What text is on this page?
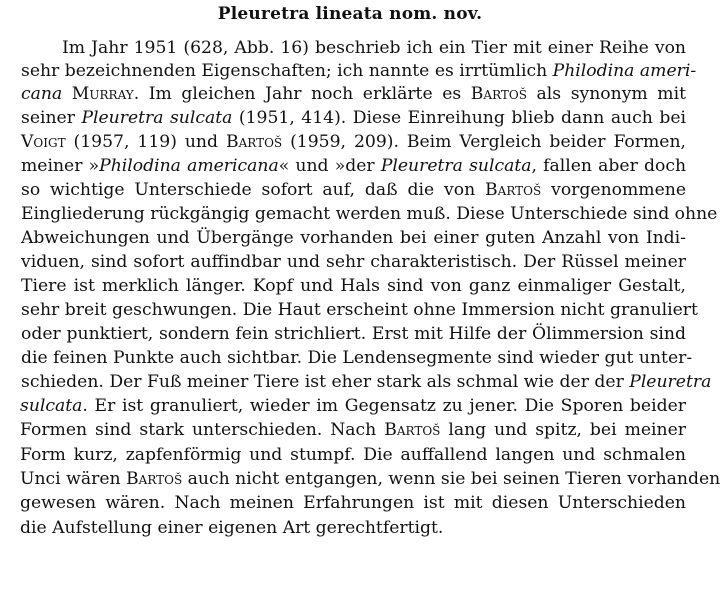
Pleuretra lineata nom. nov.
Im Jahr 1951 (628, Abb. 16) beschrieb ich ein Tier mit einer Reihe von
sehr bezeichnenden Eigenschaften; ich nannte es irrtümlich Philodina ameri-
cana Murray. Im gleichen Jahr noch erklärte es Bartoš als synonym mit
seiner Pleuretra sulcata (1951, 414). Diese Einreihung blieb dann auch bei
Voigt (1957, 119) und Bartoš (1959, 209). Beim Vergleich beider Formen,
meiner »Philodina americana« und »der Pleuretra sulcata, fallen aber doch
so wichtige Unterschiede sofort auf, daß die von Bartoš vorgenommene
Eingliederung rückgängig gemacht werden muß. Diese Unterschiede sind ohne
Abweichungen und Übergänge vorhanden bei einer guten Anzahl von Indi-
viduen, sind sofort auffindbar und sehr charakteristisch. Der Rüssel meiner
Tiere ist merklich länger. Kopf und Hals sind von ganz einmaliger Gestalt,
sehr breit geschwungen. Die Haut erscheint ohne Immersion nicht granuliert
oder punktiert, sondern fein strichliert. Erst mit Hilfe der Ölimmersion sind
die feinen Punkte auch sichtbar. Die Lendensegmente sind wieder gut unter-
schieden. Der Fuß meiner Tiere ist eher stark als schmal wie der der Pleuretra
sulcata. Er ist granuliert, wieder im Gegensatz zu jener. Die Sporen beider
Formen sind stark unterschieden. Nach Bartoš lang und spitz, bei meiner
Form kurz, zapfenförmig und stumpf. Die auffallend langen und schmalen
Unci wären Bartoš auch nicht entgangen, wenn sie bei seinen Tieren vorhanden
gewesen wären. Nach meinen Erfahrungen ist mit diesen Unterschieden
die Aufstellung einer eigenen Art gerechtfertigt.
